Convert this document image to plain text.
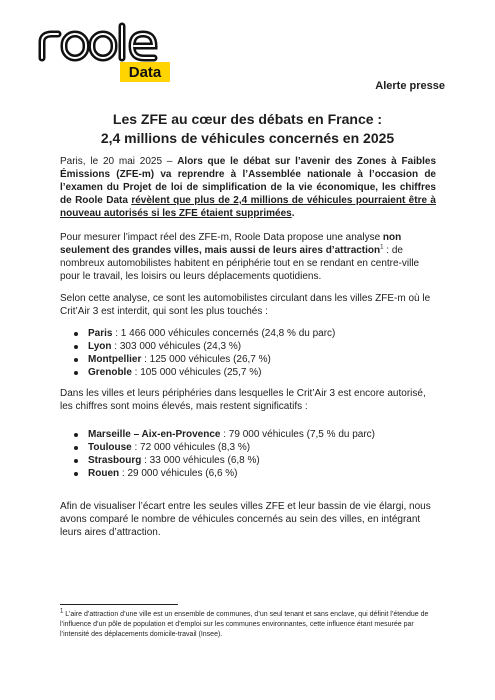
Data
Alerte presse
Les ZFE au cœur des débats en France :
2,4 millions de véhicules concernés en 2025

Paris, le 20 mai 2025 – Alors que le débat sur l’avenir des Zones à Faibles Émissions (ZFE-m) va reprendre à l’Assemblée nationale à l’occasion de l’examen du Projet de loi de simplification de la vie économique, les chiffres de Roole Data révèlent que plus de 2,4 millions de véhicules pourraient être à nouveau autorisés si les ZFE étaient supprimées.

Pour mesurer l’impact réel des ZFE-m, Roole Data propose une analyse non seulement des grandes villes, mais aussi de leurs aires d’attraction$^1$ : de nombreux automobilistes habitent en périphérie tout en se rendant en centre-ville pour le travail, les loisirs ou leurs déplacements quotidiens.

Selon cette analyse, ce sont les automobilistes circulant dans les villes ZFE-m où le Crit’Air 3 est interdit, qui sont les plus touchés :

Paris : 1 466 000 véhicules concernés (24,8 % du parc)
Lyon : 303 000 véhicules (24,3 %)
Montpellier : 125 000 véhicules (26,7 %)
Grenoble : 105 000 véhicules (25,7 %)

Dans les villes et leurs périphéries dans lesquelles le Crit’Air 3 est encore autorisé, les chiffres sont moins élevés, mais restent significatifs :

Marseille – Aix-en-Provence : 79 000 véhicules (7,5 % du parc)
Toulouse : 72 000 véhicules (8,3 %)
Strasbourg : 33 000 véhicules (6,8 %)
Rouen : 29 000 véhicules (6,6 %)

Afin de visualiser l’écart entre les seules villes ZFE et leur bassin de vie élargi, nous avons comparé le nombre de véhicules concernés au sein des villes, en intégrant leurs aires d’attraction.

$^1$ L’aire d’attraction d’une ville est un ensemble de communes, d’un seul tenant et sans enclave, qui définit l’étendue de l’influence d’un pôle de population et d’emploi sur les communes environnantes, cette influence étant mesurée par l’intensité des déplacements domicile-travail (Insee).
